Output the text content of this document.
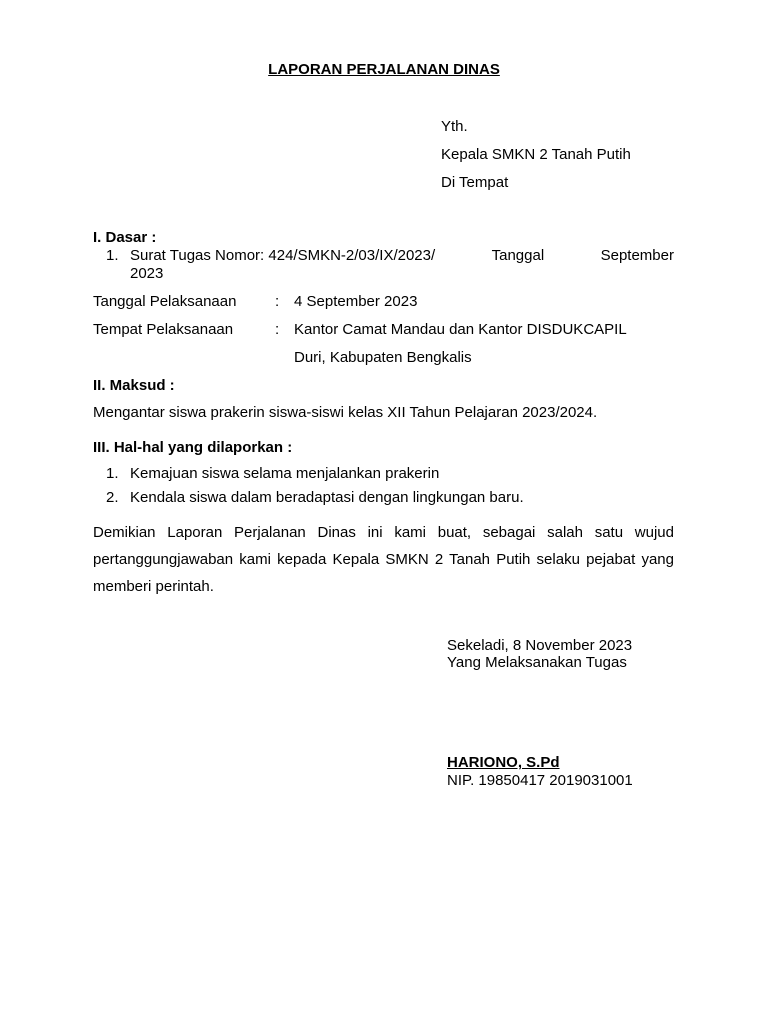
LAPORAN PERJALANAN DINAS
Yth.
Kepala SMKN 2 Tanah Putih
Di Tempat
I. Dasar :
1. Surat Tugas Nomor: 424/SMKN-2/03/IX/2023/	Tanggal	September
2023
Tanggal Pelaksanaan	: 4 September 2023
Tempat Pelaksanaan	: Kantor Camat Mandau dan Kantor DISDUKCAPIL
Duri, Kabupaten Bengkalis
II. Maksud :
Mengantar siswa prakerin siswa-siswi kelas XII Tahun Pelajaran 2023/2024.
III. Hal-hal yang dilaporkan :
1. Kemajuan siswa selama menjalankan prakerin
2. Kendala siswa dalam beradaptasi dengan lingkungan baru.
Demikian Laporan Perjalanan Dinas ini kami buat, sebagai salah satu wujud pertanggungjawaban kami kepada Kepala SMKN 2 Tanah Putih selaku pejabat yang memberi perintah.
Sekeladi, 8 November 2023
Yang Melaksanakan Tugas
HARIONO, S.Pd
NIP. 19850417 2019031001
